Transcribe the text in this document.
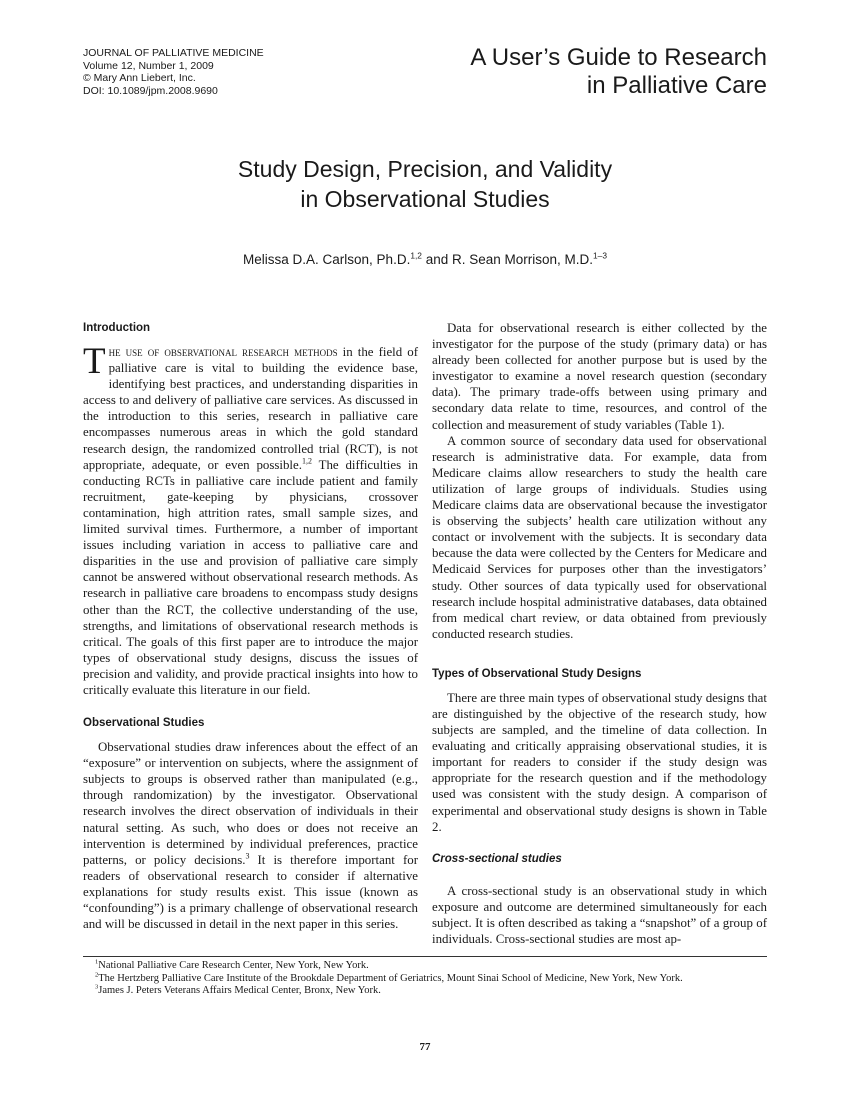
JOURNAL OF PALLIATIVE MEDICINE
Volume 12, Number 1, 2009
© Mary Ann Liebert, Inc.
DOI: 10.1089/jpm.2008.9690
A User’s Guide to Research
in Palliative Care
Study Design, Precision, and Validity
in Observational Studies
Melissa D.A. Carlson, Ph.D.$^{1,2}$ and R. Sean Morrison, M.D.$^{1-3}$
Introduction

The use of observational research methods in the field of palliative care is vital to building the evidence base, identifying best practices, and understanding disparities in access to and delivery of palliative care services. As discussed in the introduction to this series, research in palliative care encompasses numerous areas in which the gold standard research design, the randomized controlled trial (RCT), is not appropriate, adequate, or even possible.$^{1,2}$ The difficulties in conducting RCTs in palliative care include patient and family recruitment, gate-keeping by physicians, crossover contamination, high attrition rates, small sample sizes, and limited survival times. Furthermore, a number of important issues including variation in access to palliative care and disparities in the use and provision of palliative care simply cannot be answered without observational research methods. As research in palliative care broadens to encompass study designs other than the RCT, the collective understanding of the use, strengths, and limitations of observational research methods is critical. The goals of this first paper are to introduce the major types of observational study designs, discuss the issues of precision and validity, and provide practical insights into how to critically evaluate this literature in our field.

Observational Studies

Observational studies draw inferences about the effect of an “exposure” or intervention on subjects, where the assignment of subjects to groups is observed rather than manipulated (e.g., through randomization) by the investigator. Observational research involves the direct observation of individuals in their natural setting. As such, who does or does not receive an intervention is determined by individual preferences, practice patterns, or policy decisions.$^3$ It is therefore important for readers of observational research to consider if alternative explanations for study results exist. This issue (known as “confounding”) is a primary challenge of observational research and will be discussed in detail in the next paper in this series.

Data for observational research is either collected by the investigator for the purpose of the study (primary data) or has already been collected for another purpose but is used by the investigator to examine a novel research question (secondary data). The primary trade-offs between using primary and secondary data relate to time, resources, and control of the collection and measurement of study variables (Table 1).

A common source of secondary data used for observational research is administrative data. For example, data from Medicare claims allow researchers to study the health care utilization of large groups of individuals. Studies using Medicare claims data are observational because the investigator is observing the subjects’ health care utilization without any contact or involvement with the subjects. It is secondary data because the data were collected by the Centers for Medicare and Medicaid Services for purposes other than the investigators’ study. Other sources of data typically used for observational research include hospital administrative databases, data obtained from medical chart review, or data obtained from previously conducted research studies.

Types of Observational Study Designs

There are three main types of observational study designs that are distinguished by the objective of the research study, how subjects are sampled, and the timeline of data collection. In evaluating and critically appraising observational studies, it is important for readers to consider if the study design was appropriate for the research question and if the methodology used was consistent with the study design. A comparison of experimental and observational study designs is shown in Table 2.

Cross-sectional studies

A cross-sectional study is an observational study in which exposure and outcome are determined simultaneously for each subject. It is often described as taking a “snapshot” of a group of individuals. Cross-sectional studies are most ap-

$^1$National Palliative Care Research Center, New York, New York.

$^2$The Hertzberg Palliative Care Institute of the Brookdale Department of Geriatrics, Mount Sinai School of Medicine, New York, New York.

$^3$James J. Peters Veterans Affairs Medical Center, Bronx, New York.

77
